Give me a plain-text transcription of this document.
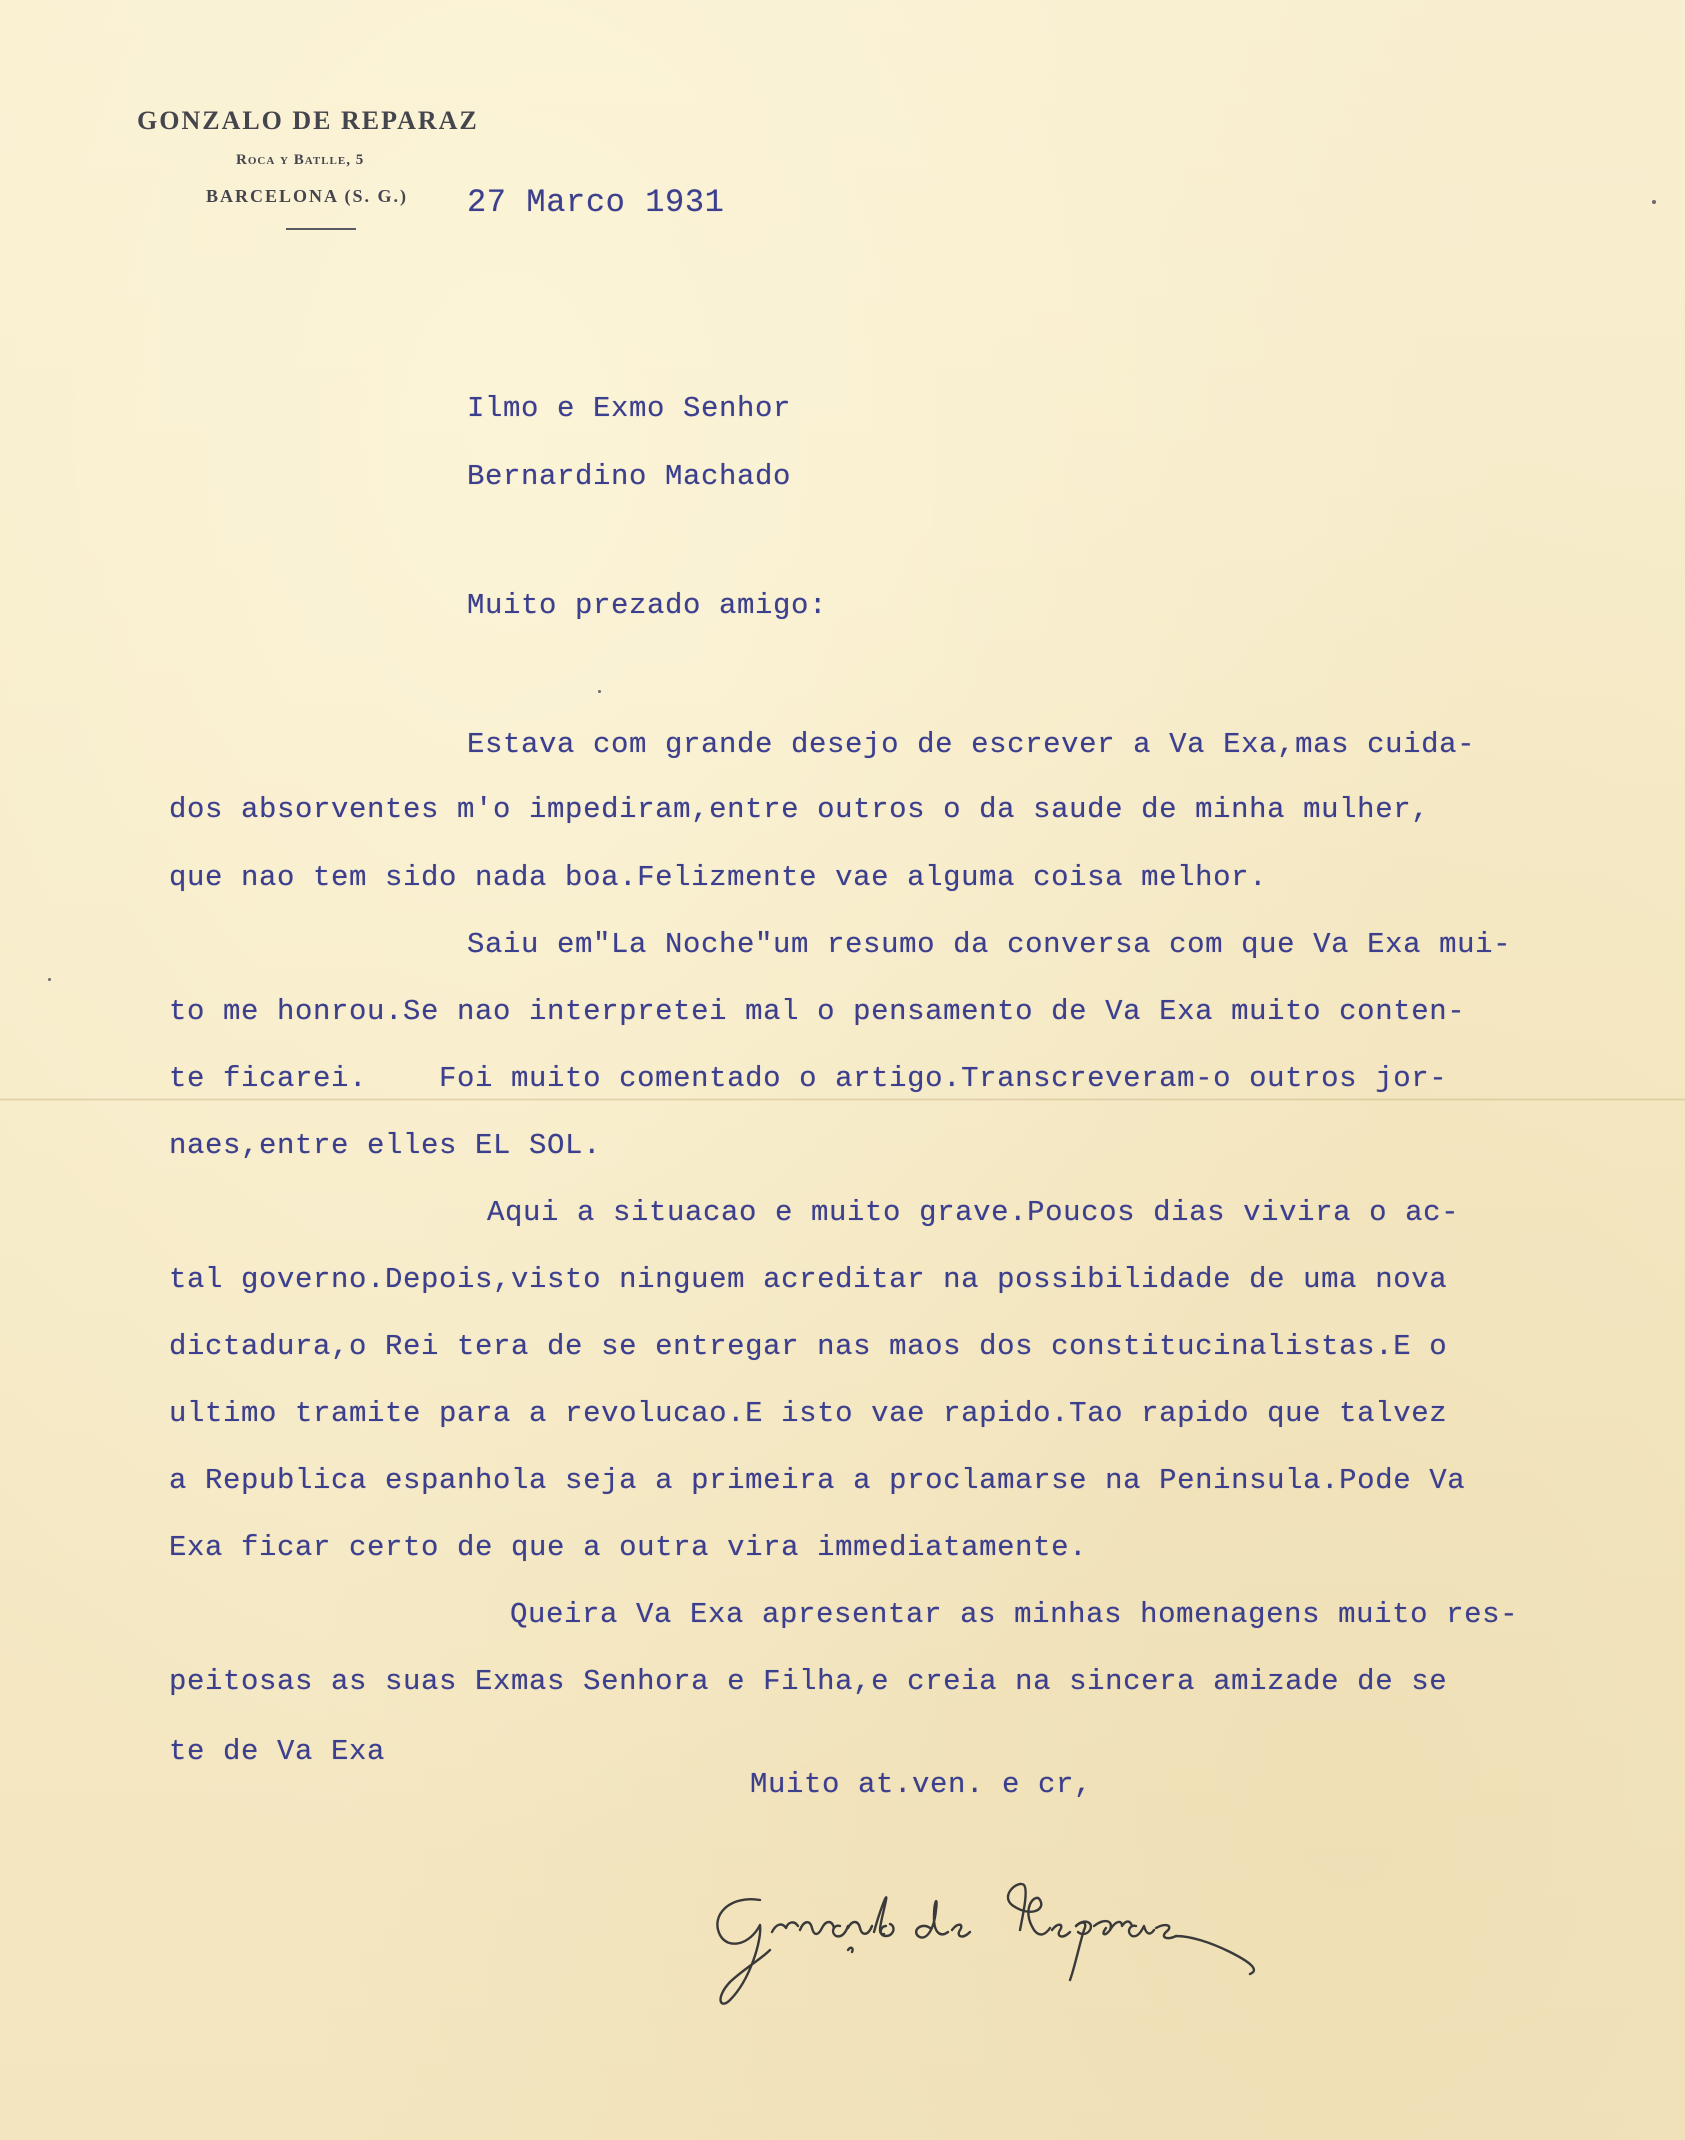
GONZALO DE REPARAZ
Roca y Batlle, 5
BARCELONA (S. G.) 27 Marco 1931
Ilmo e Exmo Senhor
Bernardino Machado
Muito prezado amigo:
Estava com grande desejo de escrever a Va Exa,mas cuida-
dos absorventes m'o impediram,entre outros o da saude de minha mulher,
que nao tem sido nada boa.Felizmente vae alguma coisa melhor.
Saiu em"La Noche"um resumo da conversa com que Va Exa mui-
to me honrou.Se nao interpretei mal o pensamento de Va Exa muito conten-
te ficarei.    Foi muito comentado o artigo.Transcreveram-o outros jor-
naes,entre elles EL SOL.
Aqui a situacao e muito grave.Poucos dias vivira o ac-
tal governo.Depois,visto ninguem acreditar na possibilidade de uma nova
dictadura,o Rei tera de se entregar nas maos dos constitucinalistas.E o
ultimo tramite para a revolucao.E isto vae rapido.Tao rapido que talvez
a Republica espanhola seja a primeira a proclamarse na Peninsula.Pode Va
Exa ficar certo de que a outra vira immediatamente.
Queira Va Exa apresentar as minhas homenagens muito res-
peitosas as suas Exmas Senhora e Filha,e creia na sincera amizade de se
te de Va Exa
Muito at.ven. e cr,
